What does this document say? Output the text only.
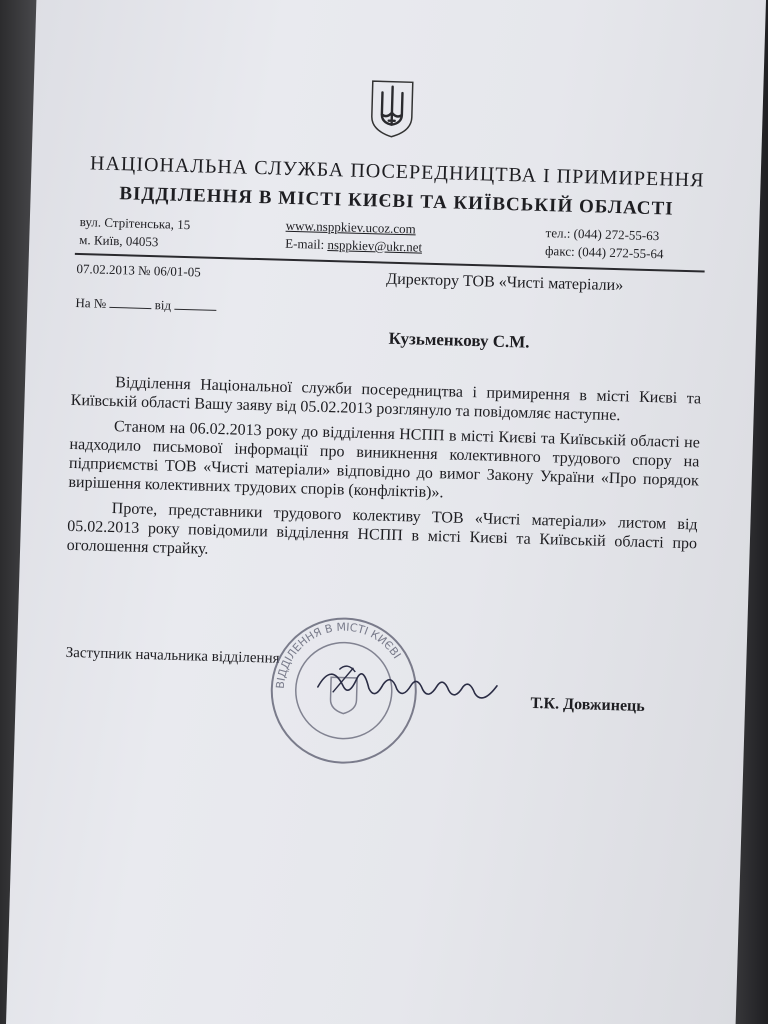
НАЦІОНАЛЬНА СЛУЖБА ПОСЕРЕДНИЦТВА І ПРИМИРЕННЯ
ВІДДІЛЕННЯ В МІСТІ КИЄВІ ТА КИЇВСЬКІЙ ОБЛАСТІ
вул. Стрітенська, 15
м. Київ, 04053
www.nsppkiev.ucoz.com
E-mail: nsppkiev@ukr.net
тел.: (044) 272-55-63
факс: (044) 272-55-64
07.02.2013 № 06/01-05
Директору ТОВ «Чисті матеріали»
На №	від
Кузьменкову С.М.

Відділення Національної служби посередництва і примирення в місті Києві та Київській області Вашу заяву від 05.02.2013 розглянуло та повідомляє наступне.

Станом на 06.02.2013 року до відділення НСПП в місті Києві та Київській області не надходило письмової інформації про виникнення колективного трудового спору на підприємстві ТОВ «Чисті матеріали» відповідно до вимог Закону України «Про порядок вирішення колективних трудових спорів (конфліктів)».

Проте, представники трудового колективу ТОВ «Чисті матеріали» листом від 05.02.2013 року повідомили відділення НСПП в місті Києві та Київській області про оголошення страйку.

Заступник начальника відділення
ВІДДІЛЕННЯ В МІСТІ КИЄВІ
Т.К. Довжинець
